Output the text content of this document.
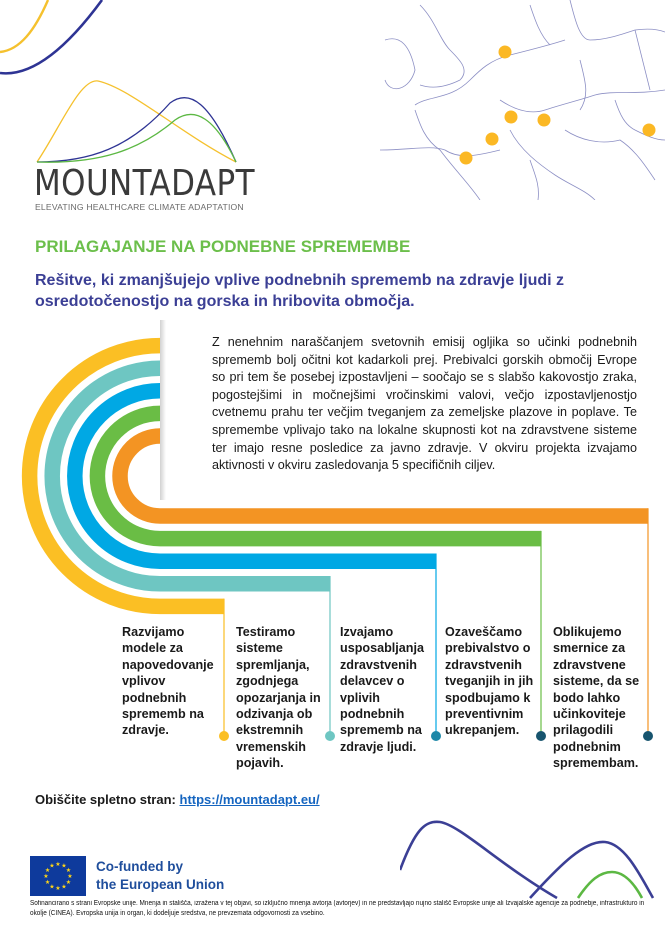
MOUNTADAPT
ELEVATING HEALTHCARE CLIMATE ADAPTATION
PRILAGAJANJE NA PODNEBNE SPREMEMBE
Rešitve, ki zmanjšujejo vplive podnebnih sprememb na zdravje ljudi z osredotočenostjo na gorska in hribovita območja.
Z nenehnim naraščanjem svetovnih emisij ogljika so učinki podnebnih sprememb bolj očitni kot kadarkoli prej. Prebivalci gorskih območij Evrope so pri tem še posebej izpostavljeni – soočajo se s slabšo kakovostjo zraka, pogostejšimi in močnejšimi vročinskimi valovi, večjo izpostavljenostjo cvetnemu prahu ter večjim tveganjem za zemeljske plazove in poplave. Te spremembe vplivajo tako na lokalne skupnosti kot na zdravstvene sisteme ter imajo resne posledice za javno zdravje. V okviru projekta izvajamo aktivnosti v okviru zasledovanja 5 specifičnih ciljev.
Razvijamo modele za napovedovanje vplivov podnebnih sprememb na zdravje.
Testiramo sisteme spremljanja, zgodnjega opozarjanja in odzivanja ob ekstremnih vremenskih pojavih.
Izvajamo usposabljanja zdravstvenih delavcev o vplivih podnebnih sprememb na zdravje ljudi.
Ozaveščamo prebivalstvo o zdravstvenih tveganjih in jih spodbujamo k preventivnim ukrepanjem.
Oblikujemo smernice za zdravstvene sisteme, da se bodo lahko učinkoviteje prilagodili podnebnim spremembam.
Obiščite spletno stran: https://mountadapt.eu/
★
★
★
★
★
★
★
★
★ ★ ★
★ Co-funded by
the European Union
Sofinancirano s strani Evropske unije. Mnenja in stališča, izražena v tej objavi, so izključno mnenja avtorja (avtorjev) in ne predstavljajo nujno stališč Evropske unije ali Izvajalske agencije za podnebje, infrastrukturo in okolje (CINEA). Evropska unija in organ, ki dodeljuje sredstva, ne prevzemata odgovornosti za vsebino.
